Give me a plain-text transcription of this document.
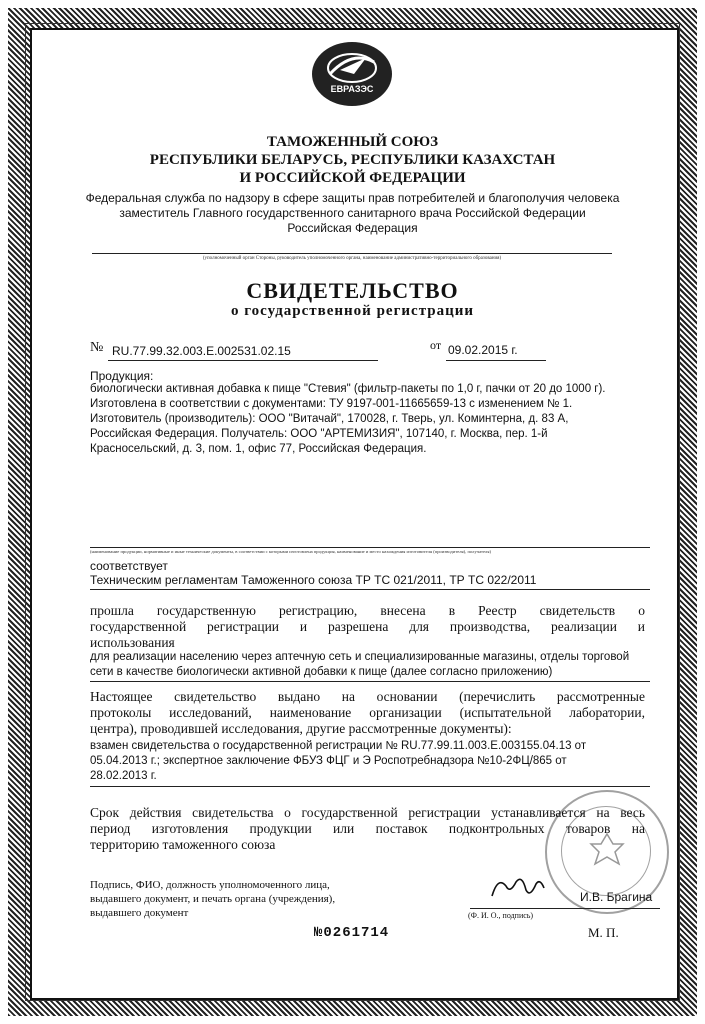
ЕВРАЗЭС
ТАМОЖЕННЫЙ СОЮЗ
РЕСПУБЛИКИ БЕЛАРУСЬ, РЕСПУБЛИКИ КАЗАХСТАН
И РОССИЙСКОЙ ФЕДЕРАЦИИ
Федеральная служба по надзору в сфере защиты прав потребителей и благополучия человека
заместитель Главного государственного санитарного врача Российской Федерации
Российская Федерация
(уполномоченный орган Стороны, руководитель уполномоченного органа, наименование административно-территориального образования)
СВИДЕТЕЛЬСТВО
о государственной регистрации
№ RU.77.99.32.003.Е.002531.02.15	от 09.02.2015 г.
Продукция:
биологически активная добавка к пище "Стевия" (фильтр-пакеты по 1,0 г, пачки от 20 до 1000 г).
Изготовлена в соответствии с документами: ТУ 9197-001-11665659-13 с изменением № 1.
Изготовитель (производитель): ООО "Витачай", 170028, г. Тверь, ул. Коминтерна, д. 83 А,
Российская Федерация. Получатель: ООО "АРТЕМИЗИЯ", 107140, г. Москва, пер. 1-й
Красносельский, д. 3, пом. 1, офис 77, Российская Федерация.
(наименование продукции, нормативные и иные технические документы, в соответствии с которыми изготовлена продукция, наименование и место нахождения изготовителя (производителя), получателя)
соответствует
Техническим регламентам Таможенного союза ТР ТС 021/2011, ТР ТС 022/2011
прошла государственную регистрацию, внесена в Реестр свидетельств о
государственной регистрации и разрешена для производства, реализации и
использования
для реализации населению через аптечную сеть и специализированные магазины, отделы торговой
сети в качестве биологически активной добавки к пище (далее согласно приложению)
Настоящее свидетельство выдано на основании (перечислить рассмотренные
протоколы исследований, наименование организации (испытательной лаборатории,
центра), проводившей исследования, другие рассмотренные документы):
взамен свидетельства о государственной регистрации № RU.77.99.11.003.Е.003155.04.13 от
05.04.2013 г.; экспертное заключение ФБУЗ ФЦГ и Э Роспотребнадзора №10-2ФЦ/865 от
28.02.2013 г.
Срок действия свидетельства о государственной регистрации устанавливается на весь
период изготовления продукции или поставок подконтрольных товаров на
территорию таможенного союза
Подпись, ФИО, должность уполномоченного лица,
выдавшего документ, и печать органа (учреждения),
выдавшего документ
И.В. Брагина
(Ф. И. О., подпись)
№0261714	М. П.
